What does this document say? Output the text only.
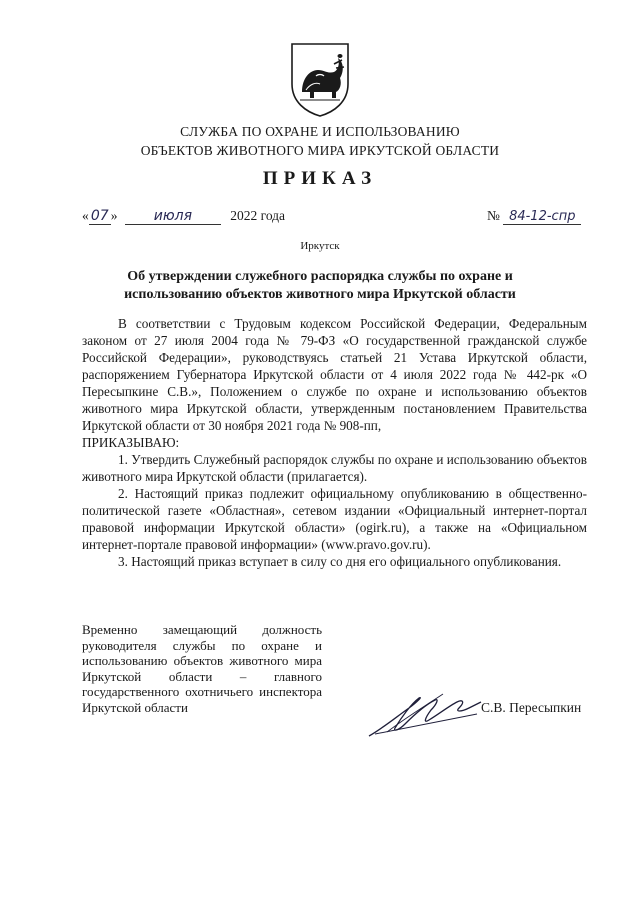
СЛУЖБА ПО ОХРАНЕ И ИСПОЛЬЗОВАНИЮ
ОБЪЕКТОВ ЖИВОТНОГО МИРА ИРКУТСКОЙ ОБЛАСТИ
ПРИКАЗ
« 07 »	июля	2022 года	№ 84-12-спр
Иркутск
Об утверждении служебного распорядка службы по охране и использованию объектов животного мира Иркутской области

В соответствии с Трудовым кодексом Российской Федерации, Федеральным законом от 27 июля 2004 года № 79-ФЗ «О государственной гражданской службе Российской Федерации», руководствуясь статьей 21 Устава Иркутской области, распоряжением Губернатора Иркутской области от 4 июля 2022 года № 442-рк «О Пересыпкине С.В.», Положением о службе по охране и использованию объектов животного мира Иркутской области, утвержденным постановлением Правительства Иркутской области от 30 ноября 2021 года № 908-пп,

ПРИКАЗЫВАЮ:

1. Утвердить Служебный распорядок службы по охране и использованию объектов животного мира Иркутской области (прилагается).

2. Настоящий приказ подлежит официальному опубликованию в общественно-политической газете «Областная», сетевом издании «Официальный интернет-портал правовой информации Иркутской области» (ogirk.ru), а также на «Официальном интернет-портале правовой информации» (www.pravo.gov.ru).

3. Настоящий приказ вступает в силу со дня его официального опубликования.

Временно замещающий должность руководителя службы по охране и использованию объектов животного мира Иркутской области – главного государственного охотничьего инспектора Иркутской области	С.В. Пересыпкин
